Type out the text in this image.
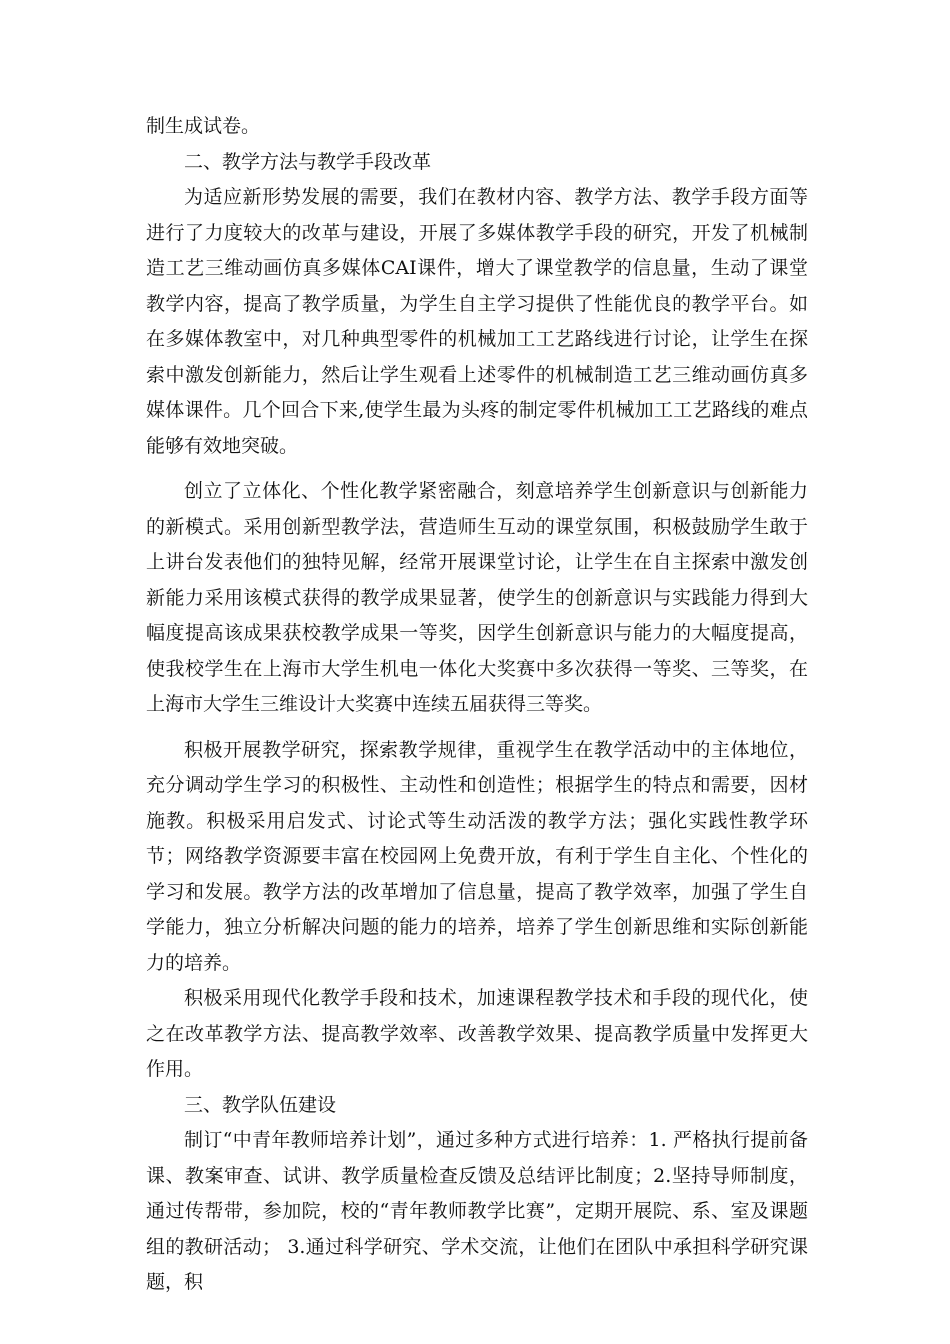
制生成试卷。

二、教学方法与教学手段改革

为适应新形势发展的需要，我们在教材内容、教学方法、教学手段方面等进行了力度较大的改革与建设，开展了多媒体教学手段的研究，开发了机械制造工艺三维动画仿真多媒体CAI课件，增大了课堂教学的信息量，生动了课堂教学内容，提高了教学质量，为学生自主学习提供了性能优良的教学平台。如在多媒体教室中，对几种典型零件的机械加工工艺路线进行讨论，让学生在探索中激发创新能力，然后让学生观看上述零件的机械制造工艺三维动画仿真多媒体课件。几个回合下来,使学生最为头疼的制定零件机械加工工艺路线的难点能够有效地突破。

创立了立体化、个性化教学紧密融合，刻意培养学生创新意识与创新能力的新模式。采用创新型教学法，营造师生互动的课堂氛围，积极鼓励学生敢于上讲台发表他们的独特见解，经常开展课堂讨论，让学生在自主探索中激发创新能力采用该模式获得的教学成果显著，使学生的创新意识与实践能力得到大幅度提高该成果获校教学成果一等奖，因学生创新意识与能力的大幅度提高，使我校学生在上海市大学生机电一体化大奖赛中多次获得一等奖、三等奖，在上海市大学生三维设计大奖赛中连续五届获得三等奖。

积极开展教学研究，探索教学规律，重视学生在教学活动中的主体地位，充分调动学生学习的积极性、主动性和创造性；根据学生的特点和需要，因材施教。积极采用启发式、讨论式等生动活泼的教学方法；强化实践性教学环节；网络教学资源要丰富在校园网上免费开放，有利于学生自主化、个性化的学习和发展。教学方法的改革增加了信息量，提高了教学效率，加强了学生自学能力，独立分析解决问题的能力的培养，培养了学生创新思维和实际创新能力的培养。

积极采用现代化教学手段和技术，加速课程教学技术和手段的现代化，使之在改革教学方法、提高教学效率、改善教学效果、提高教学质量中发挥更大作用。

三、教学队伍建设

制订“中青年教师培养计划”，通过多种方式进行培养：1. 严格执行提前备课、教案审查、试讲、教学质量检查反馈及总结评比制度；2.坚持导师制度，通过传帮带，参加院，校的“青年教师教学比赛”，定期开展院、系、室及课题组的教研活动； 3.通过科学研究、学术交流，让他们在团队中承担科学研究课题，积
